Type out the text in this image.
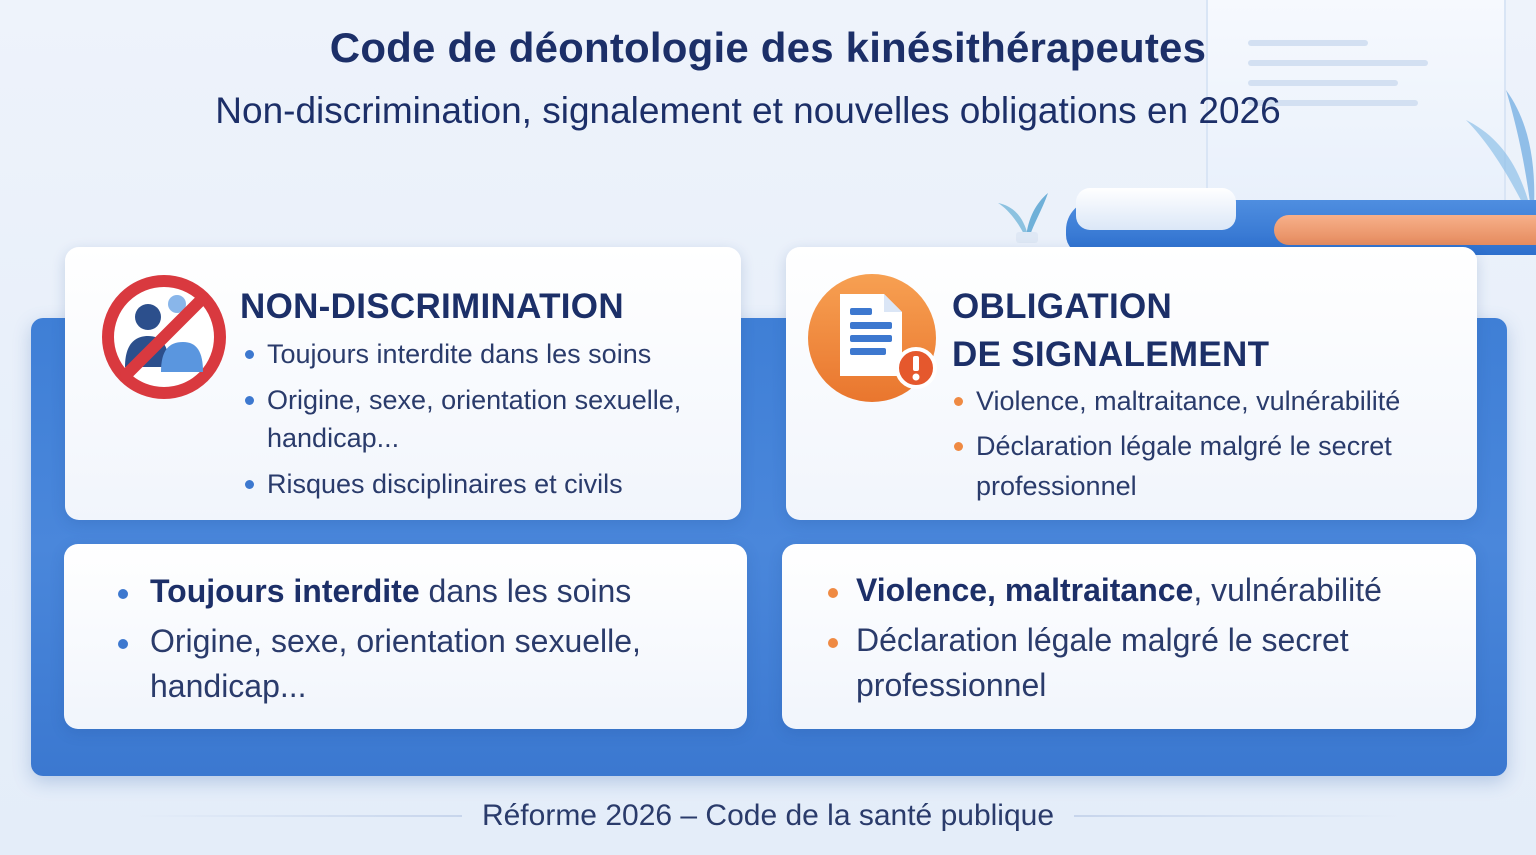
Code de déontologie des kinésithérapeutes
Non-discrimination, signalement et nouvelles obligations en 2026
NON-DISCRIMINATION
Toujours interdite dans les soins
Origine, sexe, orientation sexuelle, handicap...
Risques disciplinaires et civils
OBLIGATION
DE SIGNALEMENT
Violence, maltraitance, vulnérabilité
Déclaration légale malgré le secret professionnel
Toujours interdite dans les soins
Origine, sexe, orientation sexuelle, handicap...
Violence, maltraitance, vulnérabilité
Déclaration légale malgré le secret professionnel
Réforme 2026 – Code de la santé publique
